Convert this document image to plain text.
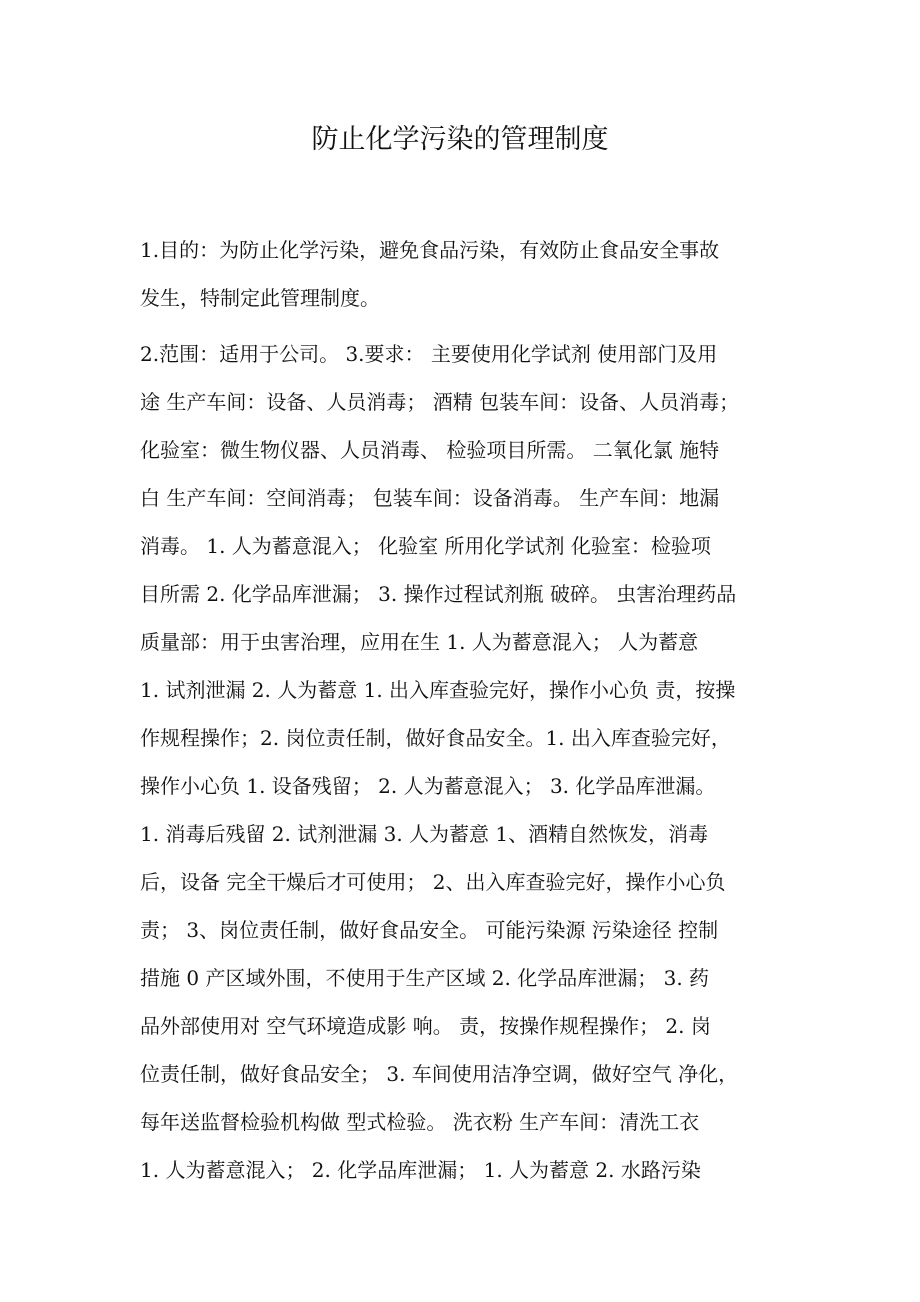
防止化学污染的管理制度
1.目的：为防止化学污染，避免食品污染，有效防止食品安全事故
发生，特制定此管理制度。
2.范围：适用于公司。 3.要求： 主要使用化学试剂 使用部门及用
途 生产车间：设备、人员消毒； 酒精 包装车间：设备、人员消毒；
化验室：微生物仪器、人员消毒、 检验项目所需。 二氧化氯 施特
白 生产车间：空间消毒； 包装车间：设备消毒。 生产车间：地漏
消毒。 1. 人为蓄意混入； 化验室 所用化学试剂 化验室：检验项
目所需 2. 化学品库泄漏； 3. 操作过程试剂瓶 破碎。 虫害治理药品
质量部：用于虫害治理，应用在生 1. 人为蓄意混入； 人为蓄意
1. 试剂泄漏 2. 人为蓄意 1. 出入库查验完好，操作小心负 责，按操
作规程操作；2. 岗位责任制，做好食品安全。1. 出入库查验完好，
操作小心负 1. 设备残留； 2. 人为蓄意混入； 3. 化学品库泄漏。
1. 消毒后残留 2. 试剂泄漏 3. 人为蓄意 1、酒精自然恢发，消毒
后，设备 完全干燥后才可使用； 2、出入库查验完好，操作小心负
责； 3、岗位责任制，做好食品安全。 可能污染源 污染途径 控制
措施 0 产区域外围，不使用于生产区域 2. 化学品库泄漏； 3. 药
品外部使用对 空气环境造成影 响。 责，按操作规程操作； 2. 岗
位责任制，做好食品安全； 3. 车间使用洁净空调，做好空气 净化，
每年送监督检验机构做 型式检验。 洗衣粉 生产车间：清洗工衣
1. 人为蓄意混入； 2. 化学品库泄漏； 1. 人为蓄意 2. 水路污染
